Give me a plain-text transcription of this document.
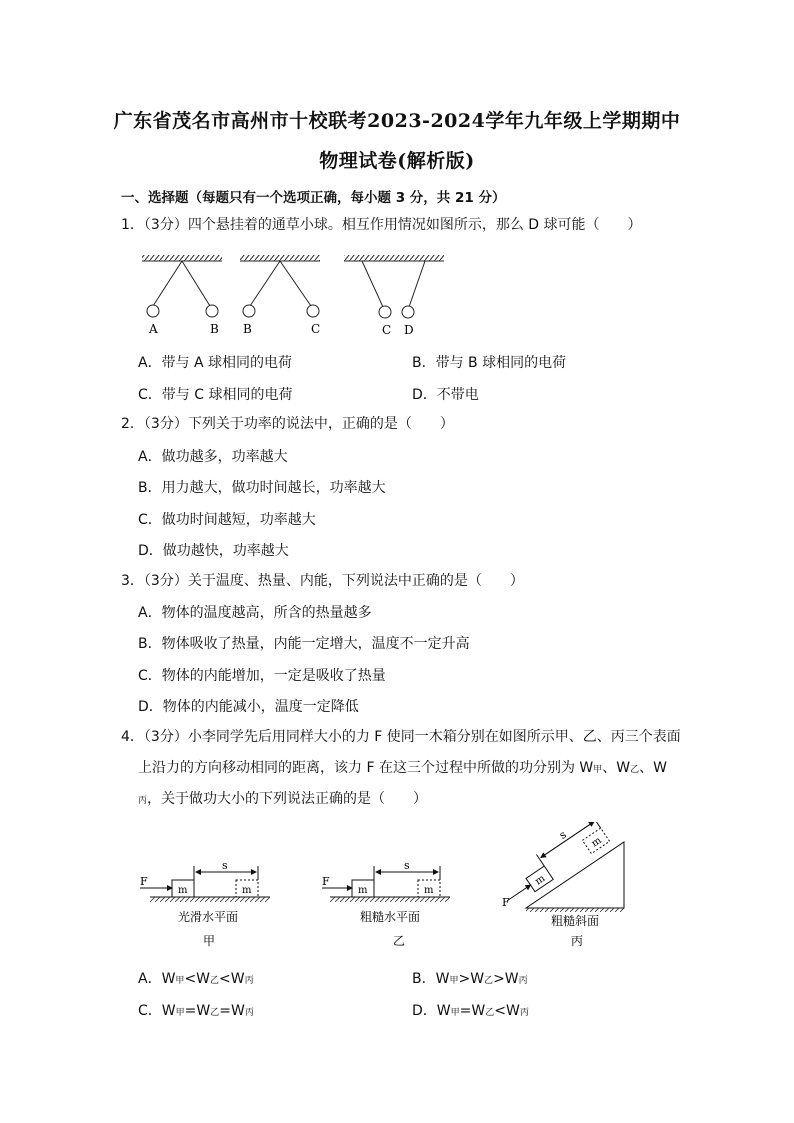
广东省茂名市高州市十校联考2023-2024学年九年级上学期期中
物理试卷(解析版)
一、选择题（每题只有一个选项正确，每小题 3 分，共 21 分）
1．（3分）四个悬挂着的通草小球。相互作用情况如图所示，那么 D 球可能（　　）
A	B B	C	C D
A．带与 A 球相同的电荷	B．带与 B 球相同的电荷
C．带与 C 球相同的电荷	D．不带电
2．（3分）下列关于功率的说法中，正确的是（　　）
A．做功越多，功率越大
B．用力越大，做功时间越长，功率越大
C．做功时间越短，功率越大
D．做功越快，功率越大
3．（3分）关于温度、热量、内能，下列说法中正确的是（　　）
A．物体的温度越高，所含的热量越多
B．物体吸收了热量，内能一定增大，温度不一定升高
C．物体的内能增加，一定是吸收了热量
D．物体的内能减小，温度一定降低
4．（3分）小李同学先后用同样大小的力 F 使同一木箱分别在如图所示甲、乙、丙三个表面
上沿力的方向移动相同的距离，该力 F 在这三个过程中所做的功分别为 W甲、W乙、W
丙，关于做功大小的下列说法正确的是（　　）
m	m
F
s
光滑水平面
甲
m	m
F
s
粗糙水平面
乙
m
m
s
F
粗糙斜面
丙
A．W甲<W乙<W丙	B．W甲>W乙>W丙
C．W甲=W乙=W丙	D．W甲=W乙<W丙
